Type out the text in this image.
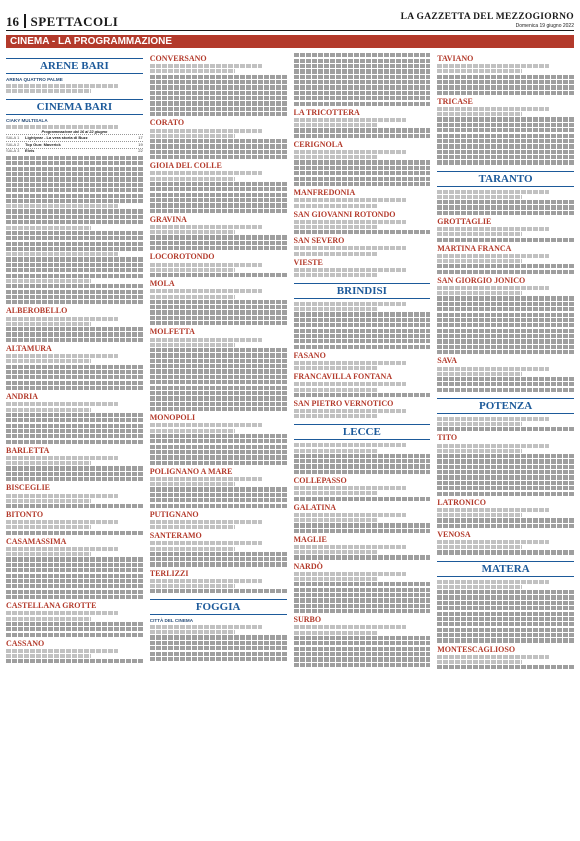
16 SPETTACOLI	LA GAZZETTA DEL MEZZOGIORNO
Domenica 19 giugno 2022
CINEMA - LA PROGRAMMAZIONE
ARENE BARI
ARENA QUATTRO PALME
CINEMA BARI
CIAKY MULTISALA
Programmazione dal 16 al 22 giugno
SALA 1	Lightyear - La vera storia di Buzz	17
SALA 2	Top Gun: Maverick	19
SALA 3	Elvis	22
ALBEROBELLO
ALTAMURA
ANDRIA
BARLETTA
BISCEGLIE
BITONTO
CASAMASSIMA
CASTELLANA GROTTE
CASSANO
CONVERSANO
CORATO
GIOIA DEL COLLE
GRAVINA
LOCOROTONDO
MOLA
MOLFETTA
MONOPOLI
POLIGNANO A MARE
PUTIGNANO
SANTERAMO
TERLIZZI
FOGGIA
CITTÀ DEL CINEMA
LA TRICOTTERA
CERIGNOLA
MANFREDONIA
SAN GIOVANNI ROTONDO
SAN SEVERO
VIESTE
BRINDISI
FASANO
FRANCAVILLA FONTANA
SAN PIETRO VERNOTICO
LECCE
COLLEPASSO
GALATINA
MAGLIE
NARDÒ
SURBO
TAVIANO
TRICASE
TARANTO
GROTTAGLIE
MARTINA FRANCA
SAN GIORGIO JONICO
SAVA
POTENZA
TITO
LATRONICO
VENOSA
MATERA
MONTESCAGLIOSO
